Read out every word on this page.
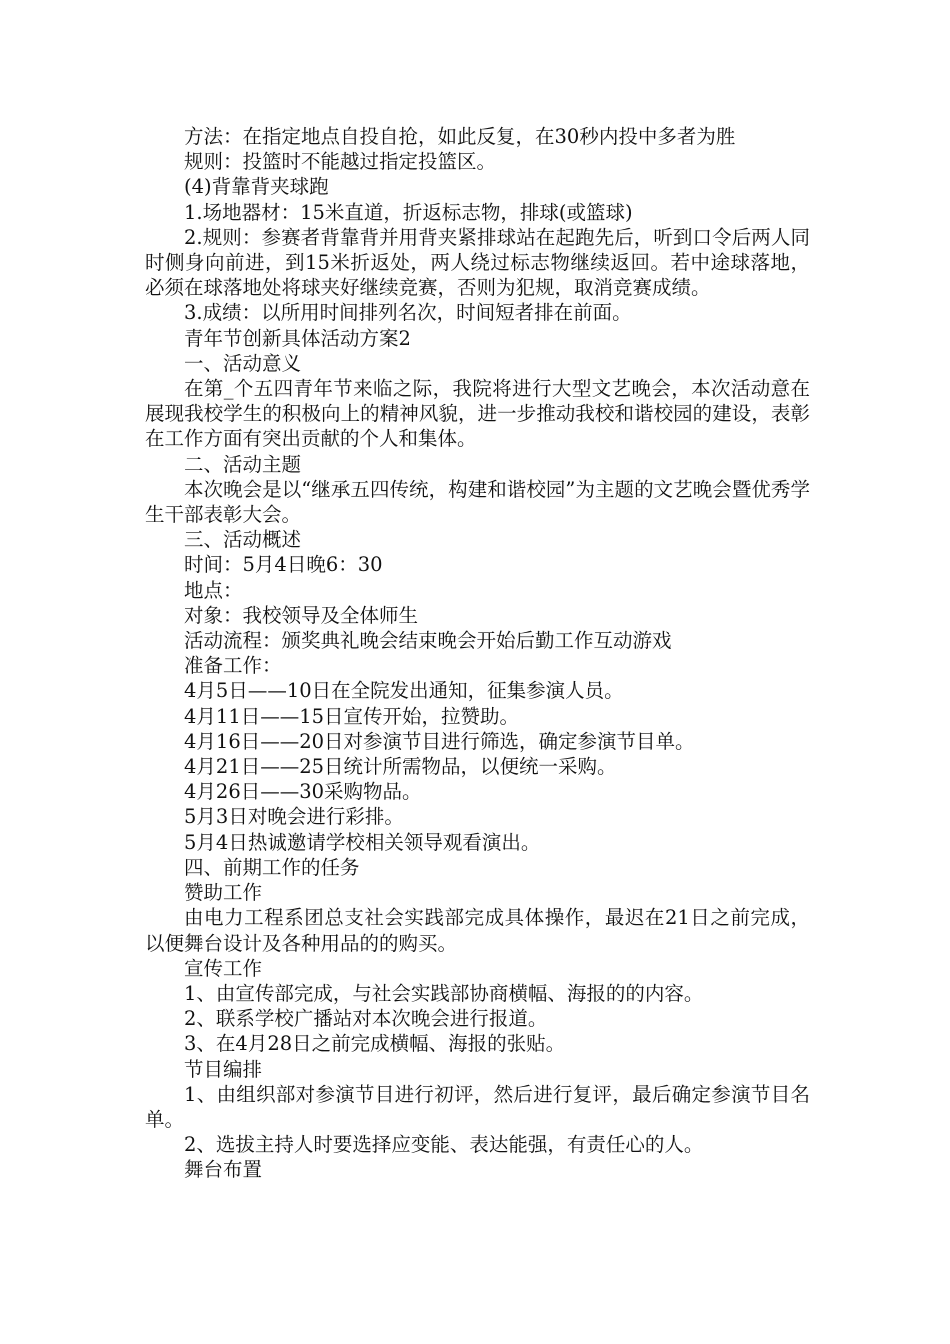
方法：在指定地点自投自抢，如此反复，在30秒内投中多者为胜

规则：投篮时不能越过指定投篮区。

(4)背靠背夹球跑

1.场地器材：15米直道，折返标志物，排球(或篮球)

2.规则：参赛者背靠背并用背夹紧排球站在起跑先后，听到口令后两人同时侧身向前进，到15米折返处，两人绕过标志物继续返回。若中途球落地，必须在球落地处将球夹好继续竞赛，否则为犯规，取消竞赛成绩。

3.成绩：以所用时间排列名次，时间短者排在前面。

青年节创新具体活动方案2

一、活动意义

在第_个五四青年节来临之际，我院将进行大型文艺晚会，本次活动意在展现我校学生的积极向上的精神风貌，进一步推动我校和谐校园的建设，表彰在工作方面有突出贡献的个人和集体。

二、活动主题

本次晚会是以“继承五四传统，构建和谐校园”为主题的文艺晚会暨优秀学生干部表彰大会。

三、活动概述

时间：5月4日晚6：30

地点：

对象：我校领导及全体师生

活动流程：颁奖典礼晚会结束晚会开始后勤工作互动游戏

准备工作：

4月5日——10日在全院发出通知，征集参演人员。

4月11日——15日宣传开始，拉赞助。

4月16日——20日对参演节目进行筛选，确定参演节目单。

4月21日——25日统计所需物品，以便统一采购。

4月26日——30采购物品。

5月3日对晚会进行彩排。

5月4日热诚邀请学校相关领导观看演出。

四、前期工作的任务

赞助工作

由电力工程系团总支社会实践部完成具体操作，最迟在21日之前完成，以便舞台设计及各种用品的的购买。

宣传工作

1、由宣传部完成，与社会实践部协商横幅、海报的的内容。

2、联系学校广播站对本次晚会进行报道。

3、在4月28日之前完成横幅、海报的张贴。

节目编排

1、由组织部对参演节目进行初评，然后进行复评，最后确定参演节目名单。

2、选拔主持人时要选择应变能、表达能强，有责任心的人。

舞台布置
